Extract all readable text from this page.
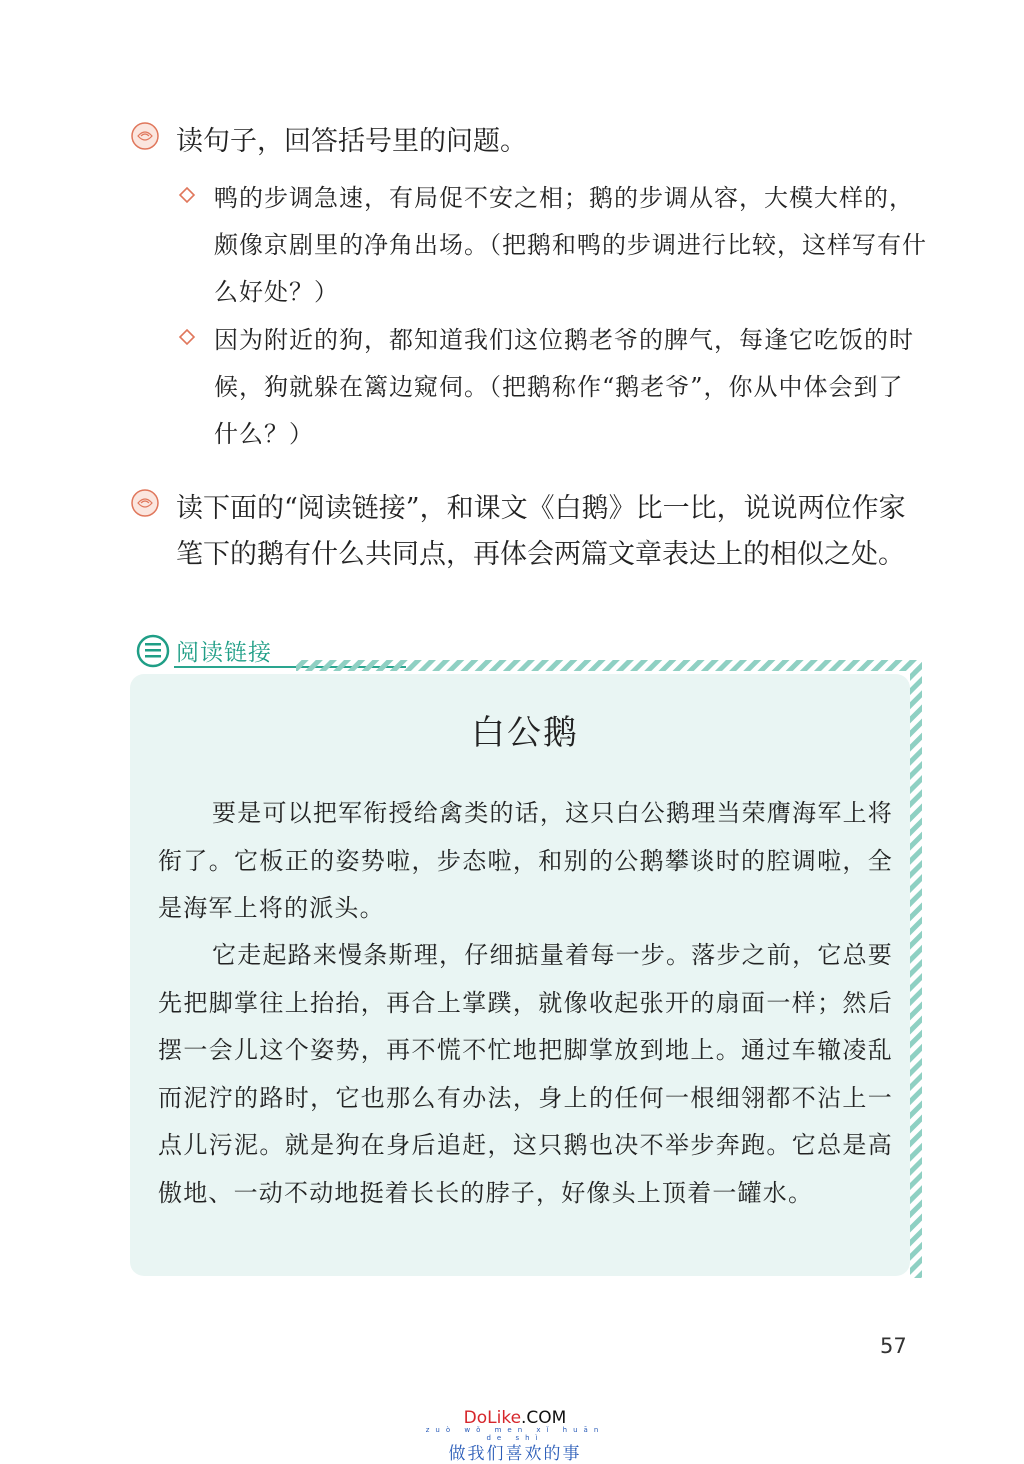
读句子，回答括号里的问题。
鸭的步调急速，有局促不安之相；鹅的步调从容，大模大样的，颇像京剧里的净角出场。（把鹅和鸭的步调进行比较，这样写有什么好处？）
因为附近的狗，都知道我们这位鹅老爷的脾气，每逢它吃饭的时候，狗就躲在篱边窥伺。（把鹅称作“鹅老爷”，你从中体会到了什么？）
读下面的“阅读链接”，和课文《白鹅》比一比，说说两位作家笔下的鹅有什么共同点，再体会两篇文章表达上的相似之处。
阅读链接
白公鹅
要是可以把军衔授给禽类的话，这只白公鹅理当荣膺海军上将衔了。它板正的姿势啦，步态啦，和别的公鹅攀谈时的腔调啦，全是海军上将的派头。
它走起路来慢条斯理，仔细掂量着每一步。落步之前，它总要先把脚掌往上抬抬，再合上掌蹼，就像收起张开的扇面一样；然后摆一会儿这个姿势，再不慌不忙地把脚掌放到地上。通过车辙凌乱而泥泞的路时，它也那么有办法，身上的任何一根细翎都不沾上一点儿污泥。就是狗在身后追赶，这只鹅也决不举步奔跑。它总是高傲地、一动不动地挺着长长的脖子，好像头上顶着一罐水。
57
DoLike.COM
zuò wǒ men xǐ huān de shì
做我们喜欢的事
